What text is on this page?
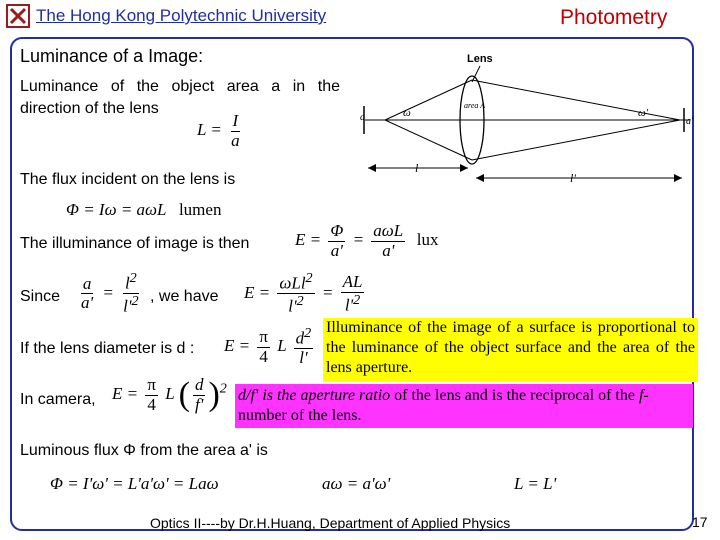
The Hong Kong Polytechnic University	Photometry
Luminance of a Image:
Luminance of the object area a in the direction of the lens
$L = \frac{I}{a}$
Lens
a	a'
ω	ω'
area A
l
l'
The flux incident on the lens is
Φ = Iω = aωL   lumen
The illuminance of image is then	$E = \frac{\Phi}{a'} = \frac{\text{aωL}}{a'}$ lux
Since $\frac{a}{a'} = \frac{l^2}{l'^2}$ , we have $E = \frac{\omega Ll^2}{l'^2} = \frac{AL}{l'^2}$
If the lens diameter is d : $E = \frac{\pi}{4}$ L $\frac{d^2}{l'}$ Illuminance of the image of a surface is proportional to the luminance of the object surface and the area of the lens aperture.
In camera, $E = \frac{\pi}{4}$ L ( $\frac{d}{f'} )^2$ d/f' is the aperture ratio of the lens and is the reciprocal of the f-number of the lens.
Luminous flux Φ from the area a' is
Φ = I'ω' = L'a'ω' = Laω	aω = a'ω'	L = L'
Optics II----by Dr.H.Huang, Department of Applied Physics	17
